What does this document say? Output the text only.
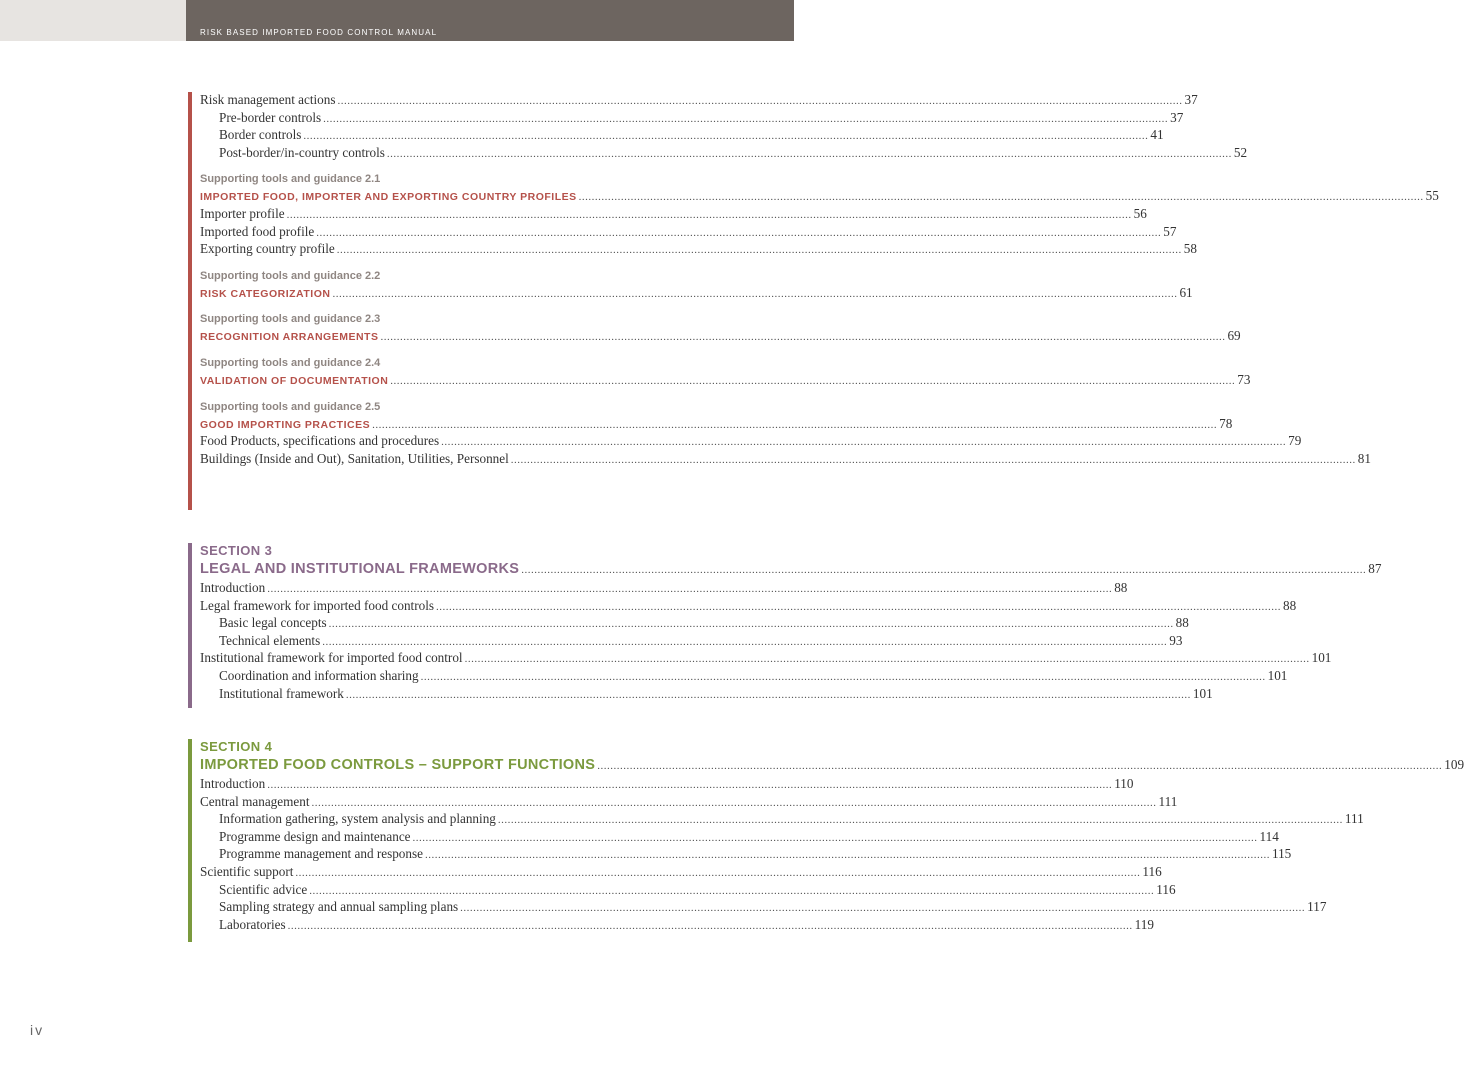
RISK BASED IMPORTED FOOD CONTROL MANUAL
Risk management actions .................................................................................................................................................................................................................................................................... 37
Pre-border controls .................................................................................................................................................................................................................................................................... 37
Border controls .................................................................................................................................................................................................................................................................... 41
Post-border/in-country controls .................................................................................................................................................................................................................................................................... 52
Supporting tools and guidance 2.1
IMPORTED FOOD, IMPORTER AND EXPORTING COUNTRY PROFILES .................................................................................................................................................................................................................................................................... 55
Importer profile .................................................................................................................................................................................................................................................................... 56
Imported food profile .................................................................................................................................................................................................................................................................... 57
Exporting country profile .................................................................................................................................................................................................................................................................... 58
Supporting tools and guidance 2.2
RISK CATEGORIZATION .................................................................................................................................................................................................................................................................... 61
Supporting tools and guidance 2.3
RECOGNITION ARRANGEMENTS .................................................................................................................................................................................................................................................................... 69
Supporting tools and guidance 2.4
VALIDATION OF DOCUMENTATION .................................................................................................................................................................................................................................................................... 73
Supporting tools and guidance 2.5
GOOD IMPORTING PRACTICES .................................................................................................................................................................................................................................................................... 78
Food Products, specifications and procedures .................................................................................................................................................................................................................................................................... 79
Buildings (Inside and Out), Sanitation, Utilities, Personnel .................................................................................................................................................................................................................................................................... 81
SECTION 3
LEGAL AND INSTITUTIONAL FRAMEWORKS .................................................................................................................................................................................................................................................................... 87
Introduction .................................................................................................................................................................................................................................................................... 88
Legal framework for imported food controls .................................................................................................................................................................................................................................................................... 88
Basic legal concepts .................................................................................................................................................................................................................................................................... 88
Technical elements .................................................................................................................................................................................................................................................................... 93
Institutional framework for imported food control .................................................................................................................................................................................................................................................................... 101
Coordination and information sharing .................................................................................................................................................................................................................................................................... 101
Institutional framework .................................................................................................................................................................................................................................................................... 101
SECTION 4
IMPORTED FOOD CONTROLS – SUPPORT FUNCTIONS .................................................................................................................................................................................................................................................................... 109
Introduction .................................................................................................................................................................................................................................................................... 110
Central management .................................................................................................................................................................................................................................................................... 111
Information gathering, system analysis and planning .................................................................................................................................................................................................................................................................... 111
Programme design and maintenance .................................................................................................................................................................................................................................................................... 114
Programme management and response .................................................................................................................................................................................................................................................................... 115
Scientific support .................................................................................................................................................................................................................................................................... 116
Scientific advice .................................................................................................................................................................................................................................................................... 116
Sampling strategy and annual sampling plans .................................................................................................................................................................................................................................................................... 117
Laboratories .................................................................................................................................................................................................................................................................... 119
iv
